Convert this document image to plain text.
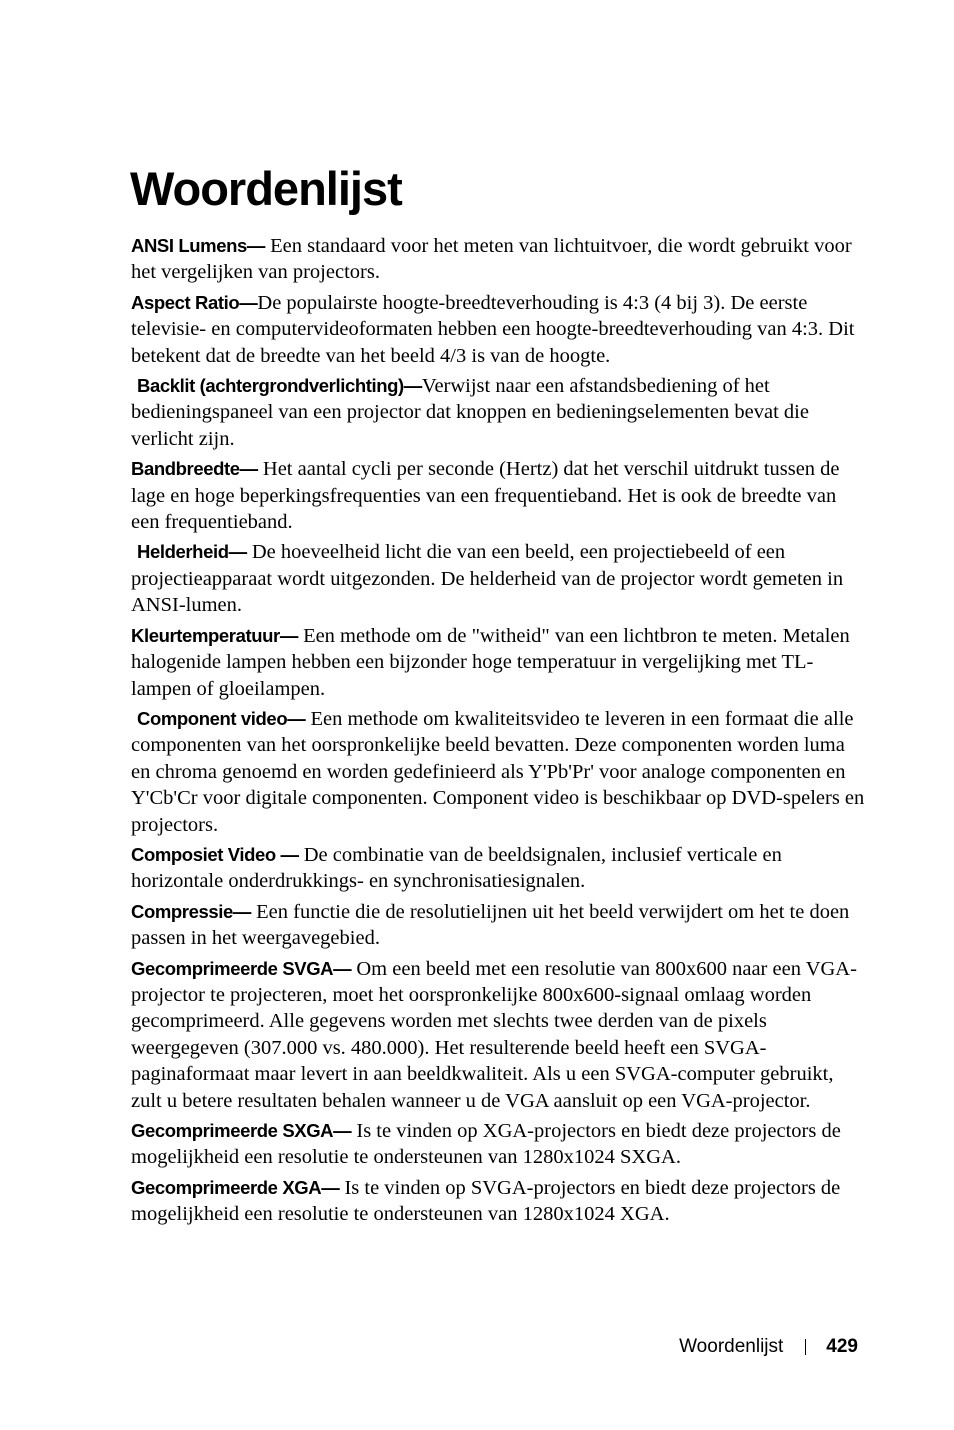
Woordenlijst

ANSI Lumens— Een standaard voor het meten van lichtuitvoer, die wordt gebruikt voor het vergelijken van projectors.

Aspect Ratio—De populairste hoogte-breedteverhouding is 4:3 (4 bij 3). De eerste televisie- en computervideoformaten hebben een hoogte-breedteverhouding van 4:3. Dit betekent dat de breedte van het beeld 4/3 is van de hoogte.

Backlit (achtergrondverlichting)—Verwijst naar een afstandsbediening of het bedieningspaneel van een projector dat knoppen en bedieningselementen bevat die verlicht zijn.

Bandbreedte— Het aantal cycli per seconde (Hertz) dat het verschil uitdrukt tussen de lage en hoge beperkingsfrequenties van een frequentieband. Het is ook de breedte van een frequentieband.

Helderheid— De hoeveelheid licht die van een beeld, een projectiebeeld of een projectieapparaat wordt uitgezonden. De helderheid van de projector wordt gemeten in ANSI-lumen.

Kleurtemperatuur— Een methode om de "witheid" van een lichtbron te meten. Metalen halogenide lampen hebben een bijzonder hoge temperatuur in vergelijking met TL-lampen of gloeilampen.

Component video— Een methode om kwaliteitsvideo te leveren in een formaat die alle componenten van het oorspronkelijke beeld bevatten. Deze componenten worden luma en chroma genoemd en worden gedefinieerd als Y'Pb'Pr' voor analoge componenten en Y'Cb'Cr voor digitale componenten. Component video is beschikbaar op DVD-spelers en projectors.

Composiet Video — De combinatie van de beeldsignalen, inclusief verticale en horizontale onderdrukkings- en synchronisatiesignalen.

Compressie— Een functie die de resolutielijnen uit het beeld verwijdert om het te doen passen in het weergavegebied.

Gecomprimeerde SVGA— Om een beeld met een resolutie van 800x600 naar een VGA-projector te projecteren, moet het oorspronkelijke 800x600-signaal omlaag worden gecomprimeerd. Alle gegevens worden met slechts twee derden van de pixels weergegeven (307.000 vs. 480.000). Het resulterende beeld heeft een SVGA-paginaformaat maar levert in aan beeldkwaliteit. Als u een SVGA-computer gebruikt, zult u betere resultaten behalen wanneer u de VGA aansluit op een VGA-projector.

Gecomprimeerde SXGA— Is te vinden op XGA-projectors en biedt deze projectors de mogelijkheid een resolutie te ondersteunen van 1280x1024 SXGA.

Gecomprimeerde XGA— Is te vinden op SVGA-projectors en biedt deze projectors de mogelijkheid een resolutie te ondersteunen van 1280x1024 XGA.

Woordenlijst 429
